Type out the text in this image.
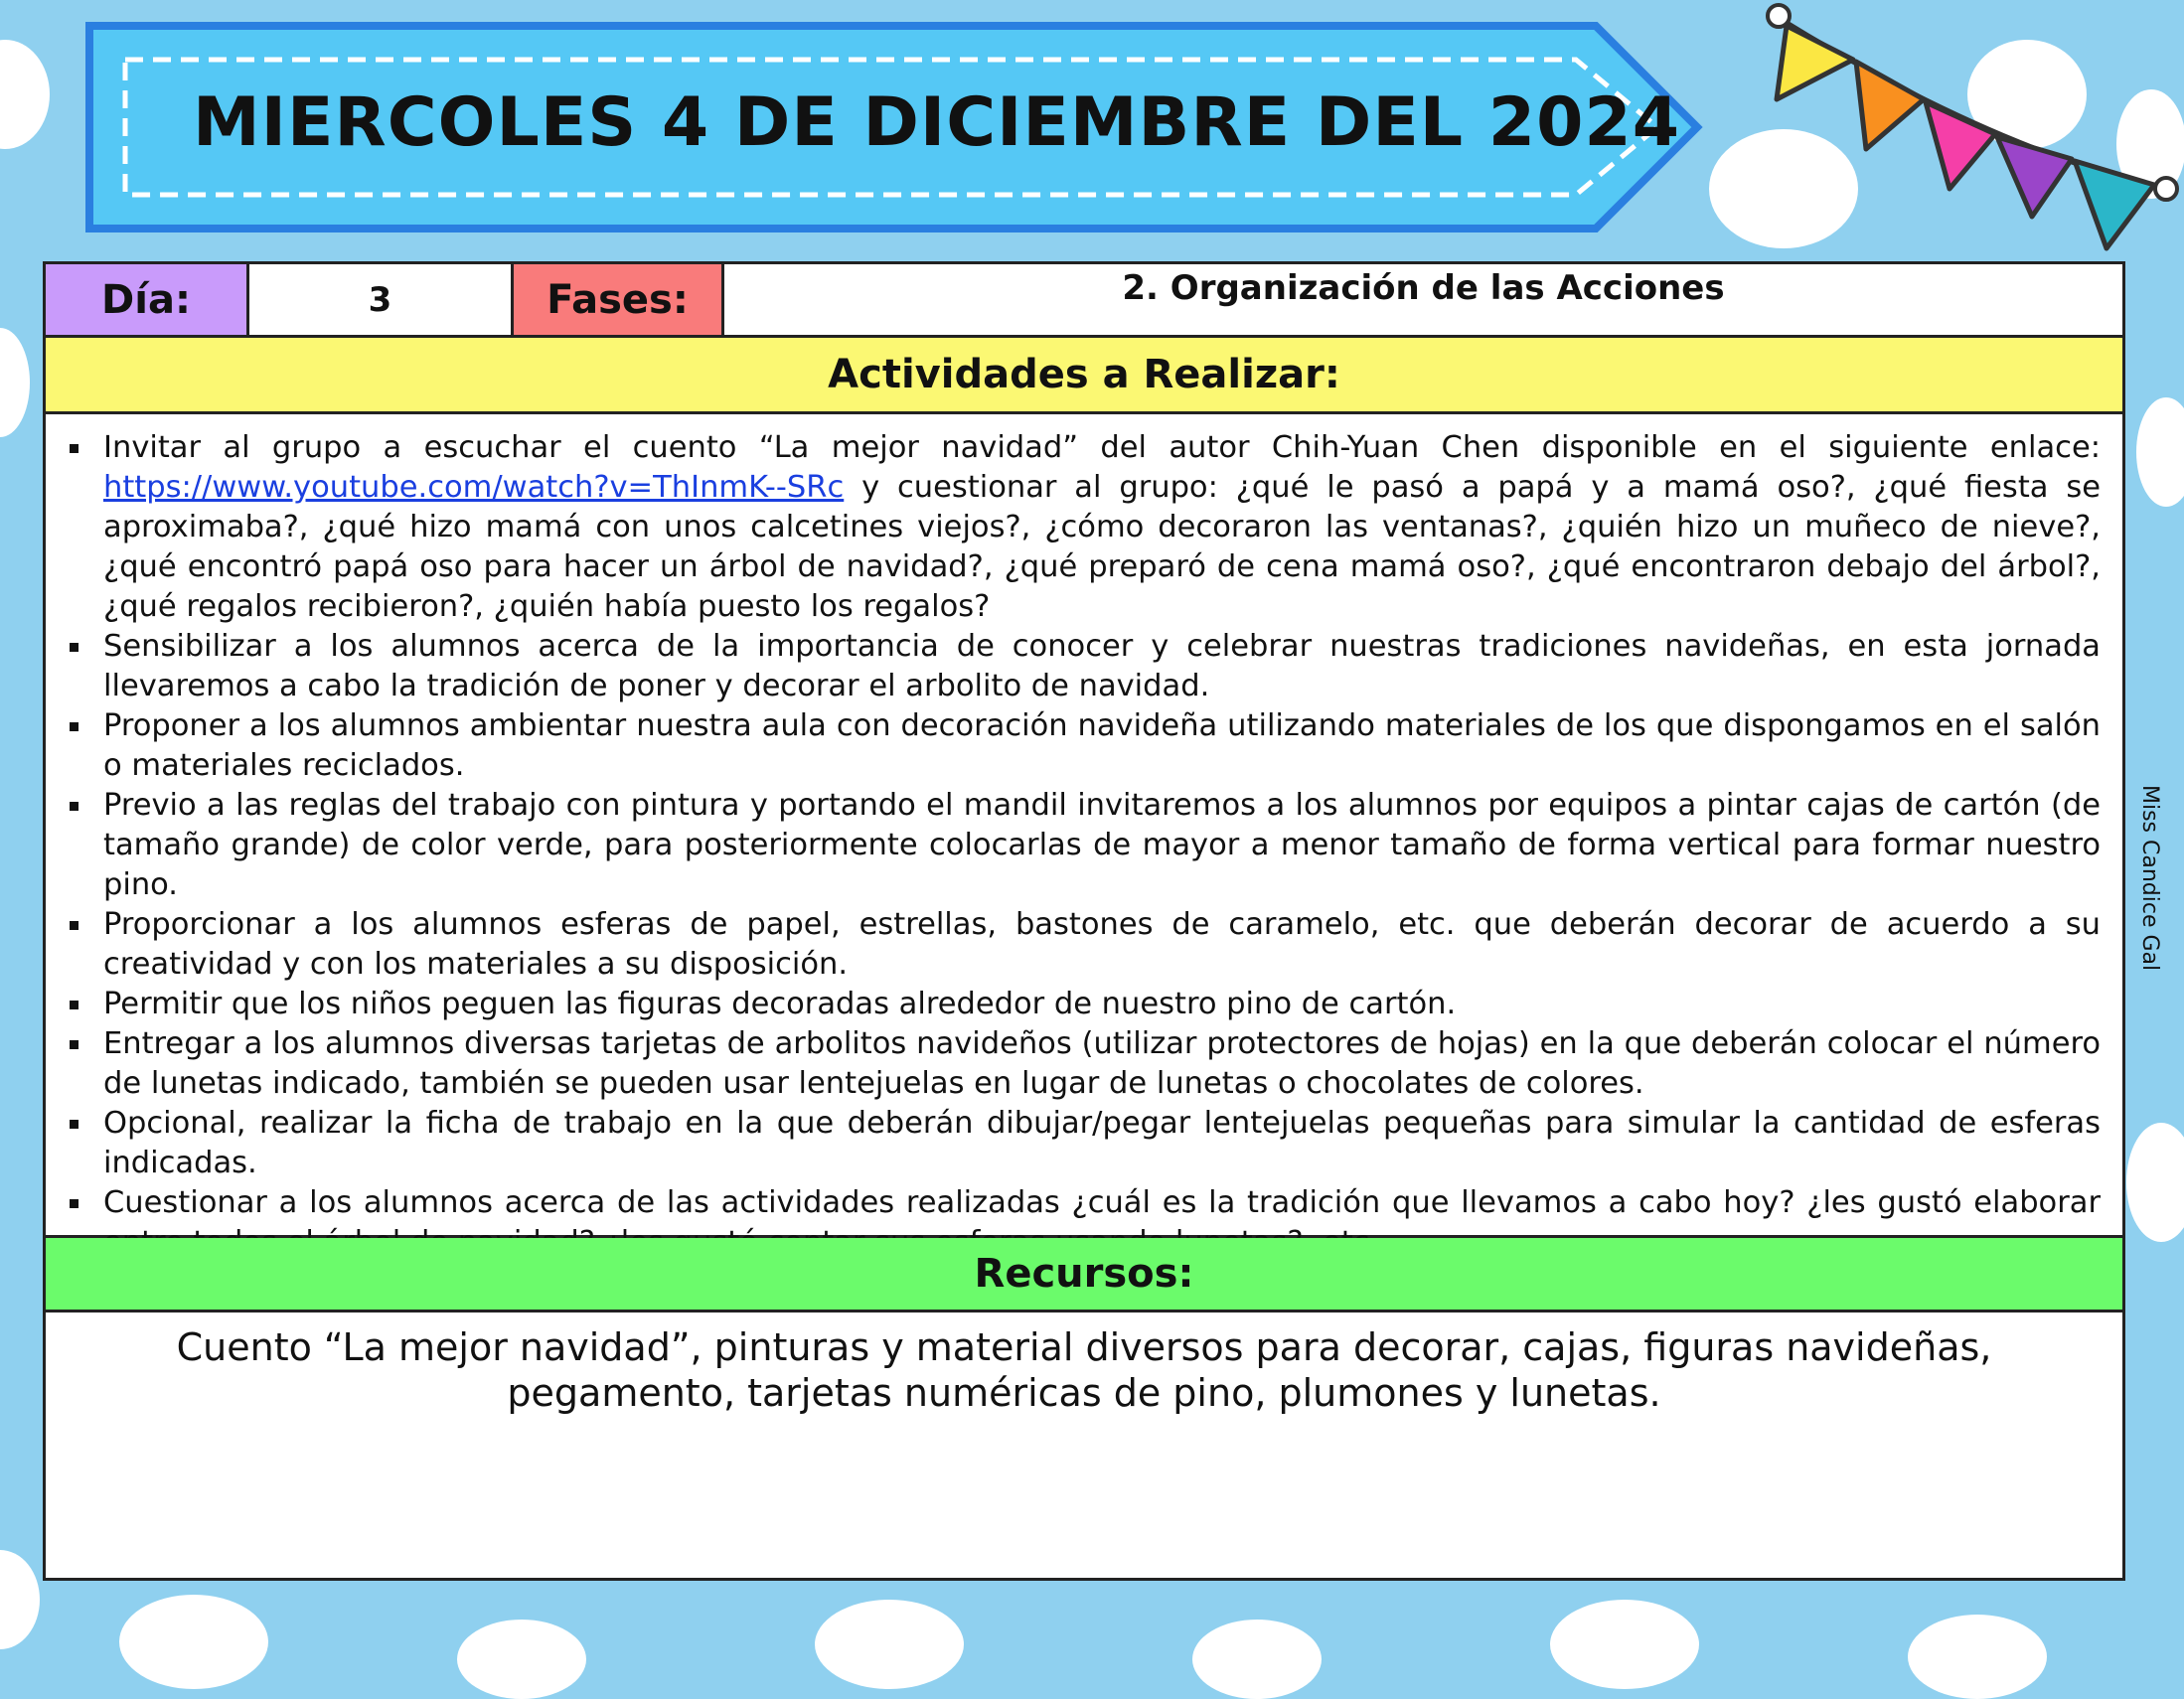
MIERCOLES 4 DE DICIEMBRE DEL 2024
Día:	3	Fases:	2. Organización de las Acciones
Actividades a Realizar:
Invitar al grupo a escuchar el cuento “La mejor navidad” del autor Chih-Yuan Chen disponible en el siguiente enlace: https://www.youtube.com/watch?v=ThInmK--SRc y cuestionar al grupo: ¿qué le pasó a papá y a mamá oso?, ¿qué fiesta se aproximaba?, ¿qué hizo mamá con unos calcetines viejos?, ¿cómo decoraron las ventanas?, ¿quién hizo un muñeco de nieve?, ¿qué encontró papá oso para hacer un árbol de navidad?, ¿qué preparó de cena mamá oso?, ¿qué encontraron debajo del árbol?, ¿qué regalos recibieron?, ¿quién había puesto los regalos?
Sensibilizar a los alumnos acerca de la importancia de conocer y celebrar nuestras tradiciones navideñas, en esta jornada llevaremos a cabo la tradición de poner y decorar el arbolito de navidad.
Proponer a los alumnos ambientar nuestra aula con decoración navideña utilizando materiales de los que dispongamos en el salón o materiales reciclados.
Previo a las reglas del trabajo con pintura y portando el mandil invitaremos a los alumnos por equipos a pintar cajas de cartón (de tamaño grande) de color verde, para posteriormente colocarlas de mayor a menor tamaño de forma vertical para formar nuestro pino.
Proporcionar a los alumnos esferas de papel, estrellas, bastones de caramelo, etc. que deberán decorar de acuerdo a su creatividad y con los materiales a su disposición.
Permitir que los niños peguen las figuras decoradas alrededor de nuestro pino de cartón.
Entregar a los alumnos diversas tarjetas de arbolitos navideños (utilizar protectores de hojas) en la que deberán colocar el número de lunetas indicado, también se pueden usar lentejuelas en lugar de lunetas o chocolates de colores.
Opcional, realizar la ficha de trabajo en la que deberán dibujar/pegar lentejuelas pequeñas para simular la cantidad de esferas indicadas.
Cuestionar a los alumnos acerca de las actividades realizadas ¿cuál es la tradición que llevamos a cabo hoy? ¿les gustó elaborar
Recursos:
Cuento “La mejor navidad”, pinturas y material diversos para decorar, cajas, figuras navideñas, pegamento, tarjetas numéricas de pino, plumones y lunetas.
Miss Candice Gal
